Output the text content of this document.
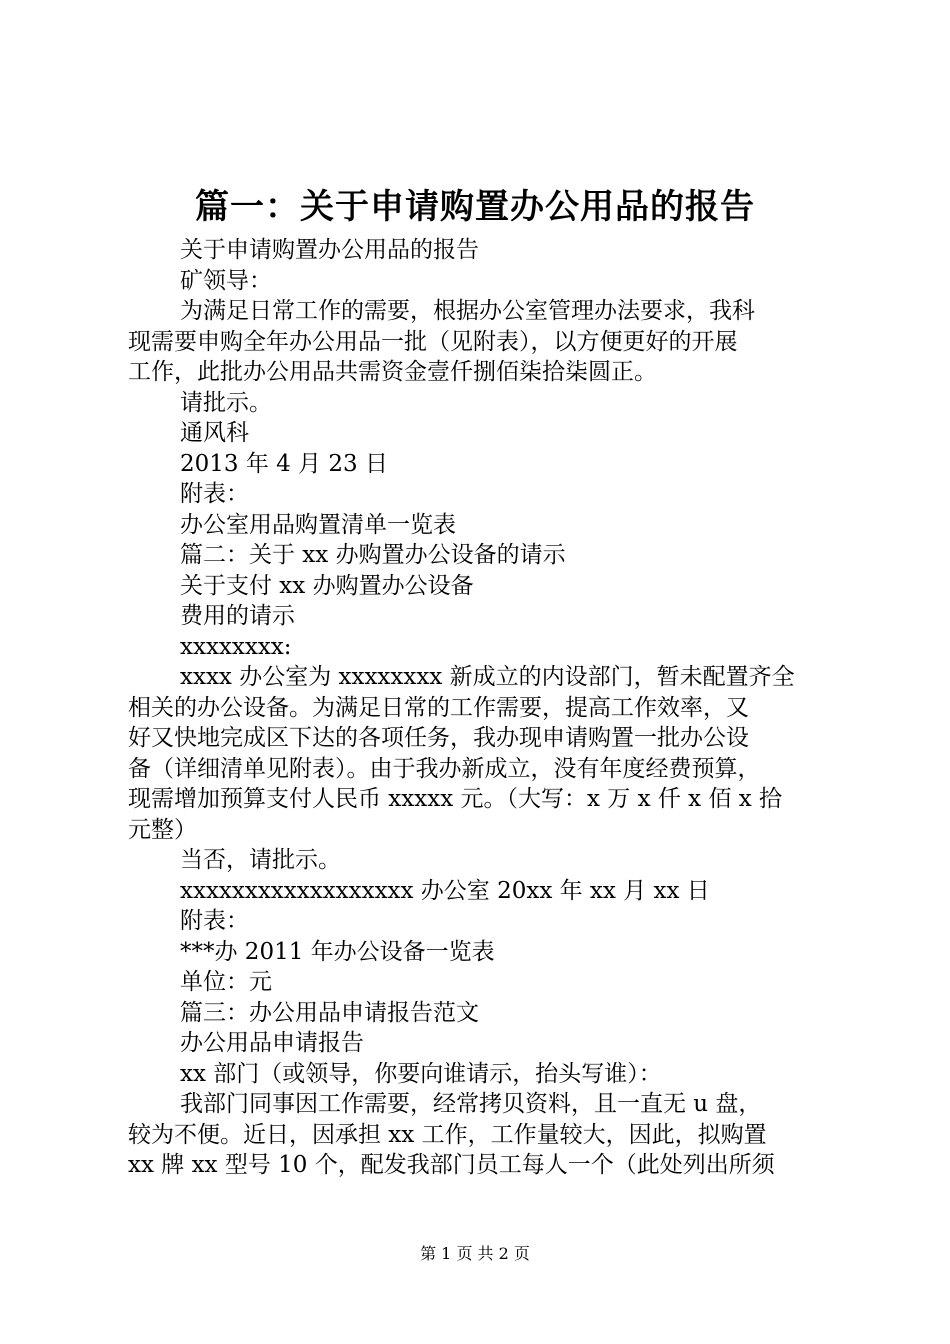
篇一：关于申请购置办公用品的报告

关于申请购置办公用品的报告

矿领导：

为满足日常工作的需要，根据办公室管理办法要求，我科

现需要申购全年办公用品一批（见附表），以方便更好的开展

工作，此批办公用品共需资金壹仟捌佰柒拾柒圆正。

请批示。

通风科

2013 年 4 月 23 日

附表：

办公室用品购置清单一览表

篇二：关于 xx 办购置办公设备的请示

关于支付 xx 办购置办公设备

费用的请示

xxxxxxxx:

xxxx 办公室为 xxxxxxxx 新成立的内设部门，暂未配置齐全

相关的办公设备。为满足日常的工作需要，提高工作效率，又

好又快地完成区下达的各项任务，我办现申请购置一批办公设

备（详细清单见附表）。由于我办新成立，没有年度经费预算，

现需增加预算支付人民币 xxxxx 元。（大写：x 万 x 仟 x 佰 x 拾

元整）

当否，请批示。

xxxxxxxxxxxxxxxxxx 办公室 20xx 年 xx 月 xx 日

附表：

***办 2011 年办公设备一览表

单位：元

篇三：办公用品申请报告范文

办公用品申请报告

xx 部门（或领导，你要向谁请示，抬头写谁）：

我部门同事因工作需要，经常拷贝资料，且一直无 u 盘，

较为不便。近日，因承担 xx 工作，工作量较大，因此，拟购置

xx 牌 xx 型号 10 个，配发我部门员工每人一个（此处列出所须

第 1 页 共 2 页
